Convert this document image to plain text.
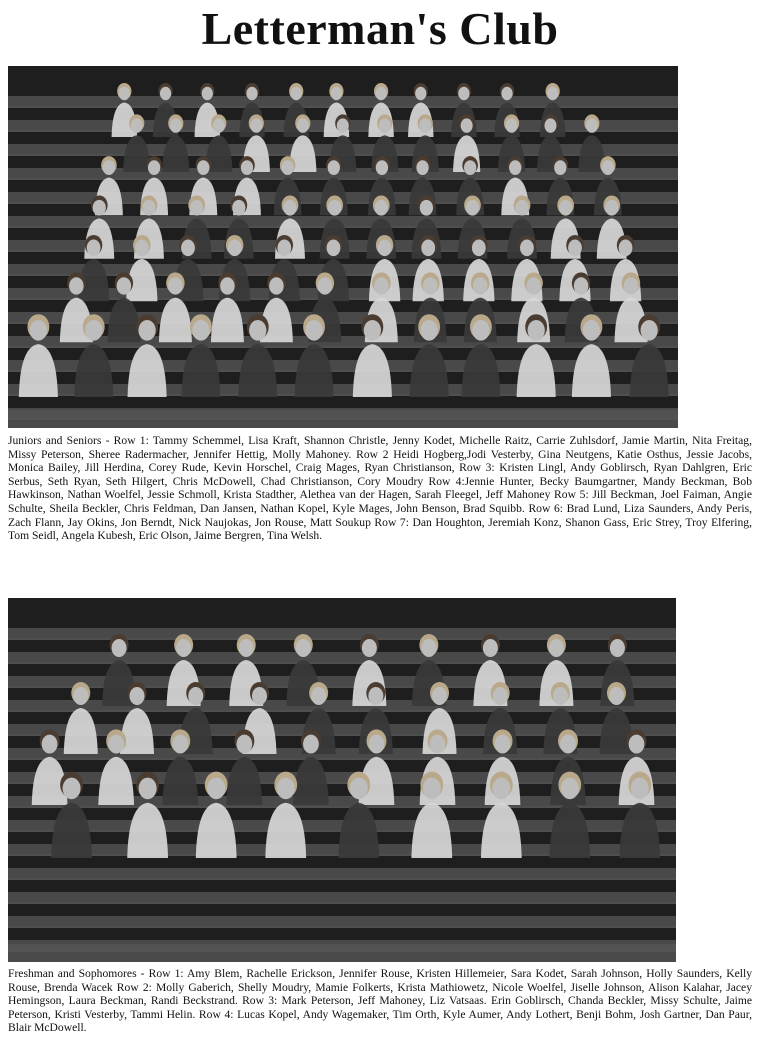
Letterman's Club

Juniors and Seniors - Row 1: Tammy Schemmel, Lisa Kraft, Shannon Christle, Jenny Kodet, Michelle Raitz, Carrie Zuhlsdorf, Jamie Martin, Nita Freitag, Missy Peterson, Sheree Radermacher, Jennifer Hettig, Molly Mahoney. Row 2 Heidi Hogberg,Jodi Vesterby, Gina Neutgens, Katie Osthus, Jessie Jacobs, Monica Bailey, Jill Herdina, Corey Rude, Kevin Horschel, Craig Mages, Ryan Christianson, Row 3: Kristen Lingl, Andy Goblirsch, Ryan Dahlgren, Eric Serbus, Seth Ryan, Seth Hilgert, Chris McDowell, Chad Christianson, Cory Moudry Row 4:Jennie Hunter, Becky Baumgartner, Mandy Beckman, Bob Hawkinson, Nathan Woelfel, Jessie Schmoll, Krista Stadther, Alethea van der Hagen, Sarah Fleegel, Jeff Mahoney Row 5: Jill Beckman, Joel Faiman, Angie Schulte, Sheila Beckler, Chris Feldman, Dan Jansen, Nathan Kopel, Kyle Mages, John Benson, Brad Squibb. Row 6: Brad Lund, Liza Saunders, Andy Peris, Zach Flann, Jay Okins, Jon Berndt, Nick Naujokas, Jon Rouse, Matt Soukup Row 7: Dan Houghton, Jeremiah Konz, Shanon Gass, Eric Strey, Troy Elfering, Tom Seidl, Angela Kubesh, Eric Olson, Jaime Bergren, Tina Welsh.

Freshman and Sophomores - Row 1: Amy Blem, Rachelle Erickson, Jennifer Rouse, Kristen Hillemeier, Sara Kodet, Sarah Johnson, Holly Saunders, Kelly Rouse, Brenda Wacek Row 2: Molly Gaberich, Shelly Moudry, Mamie Folkerts, Krista Mathiowetz, Nicole Woelfel, Jiselle Johnson, Alison Kalahar, Jacey Hemingson, Laura Beckman, Randi Beckstrand. Row 3: Mark Peterson, Jeff Mahoney, Liz Vatsaas. Erin Goblirsch, Chanda Beckler, Missy Schulte, Jaime Peterson, Kristi Vesterby, Tammi Helin. Row 4: Lucas Kopel, Andy Wagemaker, Tim Orth, Kyle Aumer, Andy Lothert, Benji Bohm, Josh Gartner, Dan Paur, Blair McDowell.
